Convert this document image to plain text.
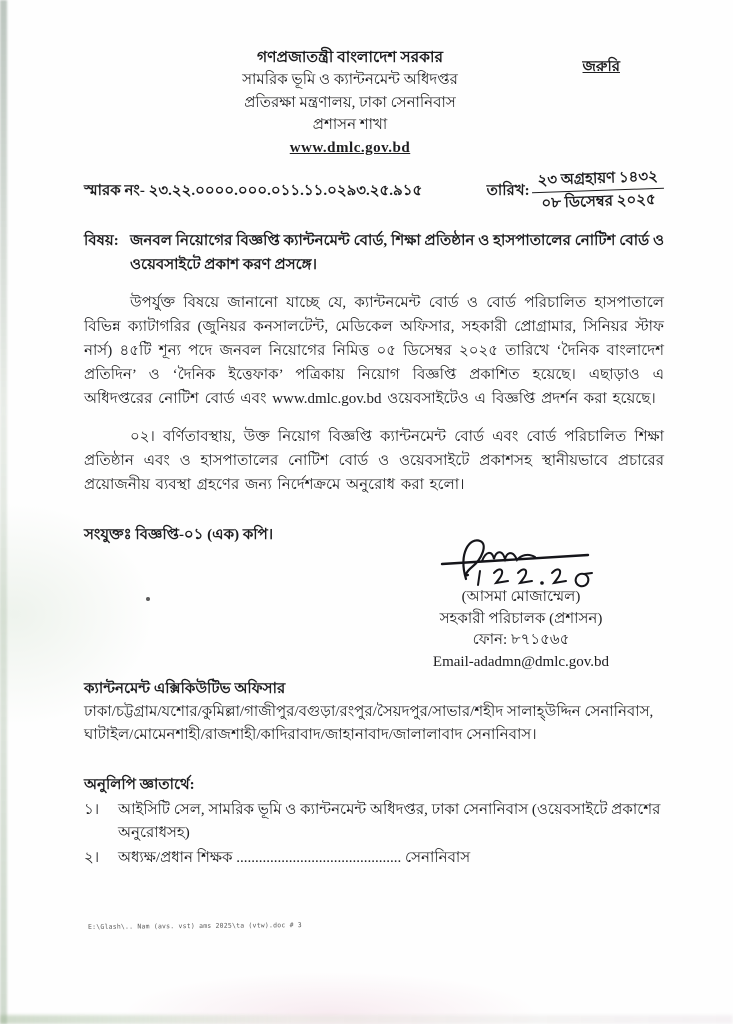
জরুরি
গণপ্রজাতন্ত্রী বাংলাদেশ সরকার
সামরিক ভূমি ও ক্যান্টনমেন্ট অধিদপ্তর
প্রতিরক্ষা মন্ত্রণালয়, ঢাকা সেনানিবাস
প্রশাসন শাখা
www.dmlc.gov.bd
স্মারক নং- ২৩.২২.০০০০.০০০.০১১.১১.০২৯৩.২৫.৯১৫	তারিখ:
২৩ অগ্রহায়ণ ১৪৩২
০৮ ডিসেম্বর ২০২৫
বিষয়: জনবল নিয়োগের বিজ্ঞপ্তি ক্যান্টনমেন্ট বোর্ড, শিক্ষা প্রতিষ্ঠান ও হাসপাতালের নোটিশ বোর্ড ও ওয়েবসাইটে প্রকাশ করণ প্রসঙ্গে।
উপর্যুক্ত বিষয়ে জানানো যাচ্ছে যে, ক্যান্টনমেন্ট বোর্ড ও বোর্ড পরিচালিত হাসপাতালে বিভিন্ন ক্যাটাগরির (জুনিয়র কনসালটেন্ট, মেডিকেল অফিসার, সহকারী প্রোগ্রামার, সিনিয়র স্টাফ নার্স) ৪৫টি শূন্য পদে জনবল নিয়োগের নিমিত্ত ০৫ ডিসেম্বর ২০২৫ তারিখে ‘দৈনিক বাংলাদেশ প্রতিদিন’ ও ‘দৈনিক ইত্তেফাক’ পত্রিকায় নিয়োগ বিজ্ঞপ্তি প্রকাশিত হয়েছে। এছাড়াও এ অধিদপ্তরের নোটিশ বোর্ড এবং www.dmlc.gov.bd ওয়েবসাইটেও এ বিজ্ঞপ্তি প্রদর্শন করা হয়েছে।
০২। বর্ণিতাবস্থায়, উক্ত নিয়োগ বিজ্ঞপ্তি ক্যান্টনমেন্ট বোর্ড এবং বোর্ড পরিচালিত শিক্ষা প্রতিষ্ঠান এবং ও হাসপাতালের নোটিশ বোর্ড ও ওয়েবসাইটে প্রকাশসহ স্থানীয়ভাবে প্রচারের প্রয়োজনীয় ব্যবস্থা গ্রহণের জন্য নির্দেশক্রমে অনুরোধ করা হলো।
সংযুক্তঃ বিজ্ঞপ্তি-০১ (এক) কপি।
(আসমা মোজাম্মেল)
সহকারী পরিচালক (প্রশাসন)
ফোন: ৮৭১৫৬৫
Email-adadmn@dmlc.gov.bd
ক্যান্টনমেন্ট এক্সিকিউটিভ অফিসার
ঢাকা/চট্টগ্রাম/যশোর/কুমিল্লা/গাজীপুর/বগুড়া/রংপুর/সৈয়দপুর/সাভার/শহীদ সালাহ্‌উদ্দিন সেনানিবাস,
ঘাটাইল/মোমেনশাহী/রাজশাহী/কাদিরাবাদ/জাহানাবাদ/জালালাবাদ সেনানিবাস।
অনুলিপি জ্ঞাতার্থে:
১।	আইসিটি সেল, সামরিক ভূমি ও ক্যান্টনমেন্ট অধিদপ্তর, ঢাকা সেনানিবাস (ওয়েবসাইটে প্রকাশের অনুরোধসহ)
২।	অধ্যক্ষ/প্রধান শিক্ষক ............................................ সেনানিবাস
E:\Glash\.. Nam (avs. vst) ams 2025\ta (vtw).doc # 3
